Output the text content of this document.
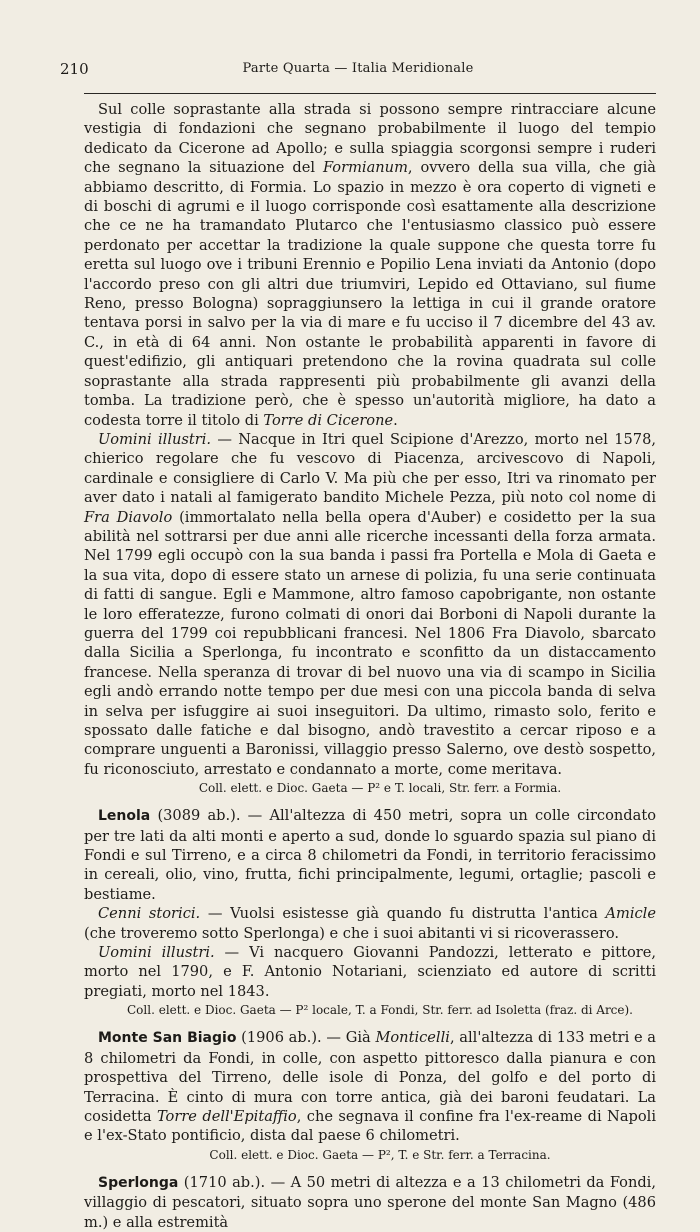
210	Parte Quarta — Italia Meridionale

Sul colle soprastante alla strada si possono sempre rintracciare alcune vestigia di fondazioni che segnano probabilmente il luogo del tempio dedicato da Cicerone ad Apollo; e sulla spiaggia scorgonsi sempre i ruderi che segnano la situazione del Formianum, ovvero della sua villa, che già abbiamo descritto, di Formia. Lo spazio in mezzo è ora coperto di vigneti e di boschi di agrumi e il luogo corrisponde così esattamente alla descrizione che ce ne ha tramandato Plutarco che l'entusiasmo classico può essere perdonato per accettar la tradizione la quale suppone che questa torre fu eretta sul luogo ove i tribuni Erennio e Popilio Lena inviati da Antonio (dopo l'accordo preso con gli altri due triumviri, Lepido ed Ottaviano, sul fiume Reno, presso Bologna) sopraggiunsero la lettiga in cui il grande oratore tentava porsi in salvo per la via di mare e fu ucciso il 7 dicembre del 43 av. C., in età di 64 anni. Non ostante le probabilità apparenti in favore di quest'edifizio, gli antiquari pretendono che la rovina quadrata sul colle soprastante alla strada rappresenti più probabilmente gli avanzi della tomba. La tradizione però, che è spesso un'autorità migliore, ha dato a codesta torre il titolo di Torre di Cicerone.

Uomini illustri. — Nacque in Itri quel Scipione d'Arezzo, morto nel 1578, chierico regolare che fu vescovo di Piacenza, arcivescovo di Napoli, cardinale e consigliere di Carlo V. Ma più che per esso, Itri va rinomato per aver dato i natali al famigerato bandito Michele Pezza, più noto col nome di Fra Diavolo (immortalato nella bella opera d'Auber) e cosidetto per la sua abilità nel sottrarsi per due anni alle ricerche incessanti della forza armata. Nel 1799 egli occupò con la sua banda i passi fra Portella e Mola di Gaeta e la sua vita, dopo di essere stato un arnese di polizia, fu una serie continuata di fatti di sangue. Egli e Mammone, altro famoso capobrigante, non ostante le loro efferatezze, furono colmati di onori dai Borboni di Napoli durante la guerra del 1799 coi repubblicani francesi. Nel 1806 Fra Diavolo, sbarcato dalla Sicilia a Sperlonga, fu incontrato e sconfitto da un distaccamento francese. Nella speranza di trovar di bel nuovo una via di scampo in Sicilia egli andò errando notte tempo per due mesi con una piccola banda di selva in selva per isfuggire ai suoi inseguitori. Da ultimo, rimasto solo, ferito e spossato dalle fatiche e dal bisogno, andò travestito a cercar riposo e a comprare unguenti a Baronissi, villaggio presso Salerno, ove destò sospetto, fu riconosciuto, arrestato e condannato a morte, come meritava.

Coll. elett. e Dioc. Gaeta — P² e T. locali, Str. ferr. a Formia.

Lenola (3089 ab.). — All'altezza di 450 metri, sopra un colle circondato per tre lati da alti monti e aperto a sud, donde lo sguardo spazia sul piano di Fondi e sul Tirreno, e a circa 8 chilometri da Fondi, in territorio feracissimo in cereali, olio, vino, frutta, fichi principalmente, legumi, ortaglie; pascoli e bestiame.

Cenni storici. — Vuolsi esistesse già quando fu distrutta l'antica Amicle (che troveremo sotto Sperlonga) e che i suoi abitanti vi si ricoverassero.

Uomini illustri. — Vi nacquero Giovanni Pandozzi, letterato e pittore, morto nel 1790, e F. Antonio Notariani, scienziato ed autore di scritti pregiati, morto nel 1843.

Coll. elett. e Dioc. Gaeta — P² locale, T. a Fondi, Str. ferr. ad Isoletta (fraz. di Arce).

Monte San Biagio (1906 ab.). — Già Monticelli, all'altezza di 133 metri e a 8 chilometri da Fondi, in colle, con aspetto pittoresco dalla pianura e con prospettiva del Tirreno, delle isole di Ponza, del golfo e del porto di Terracina. È cinto di mura con torre antica, già dei baroni feudatari. La cosidetta Torre dell'Epitaffio, che segnava il confine fra l'ex-reame di Napoli e l'ex-Stato pontificio, dista dal paese 6 chilometri.

Coll. elett. e Dioc. Gaeta — P², T. e Str. ferr. a Terracina.

Sperlonga (1710 ab.). — A 50 metri di altezza e a 13 chilometri da Fondi, villaggio di pescatori, situato sopra uno sperone del monte San Magno (486 m.) e alla estremità
